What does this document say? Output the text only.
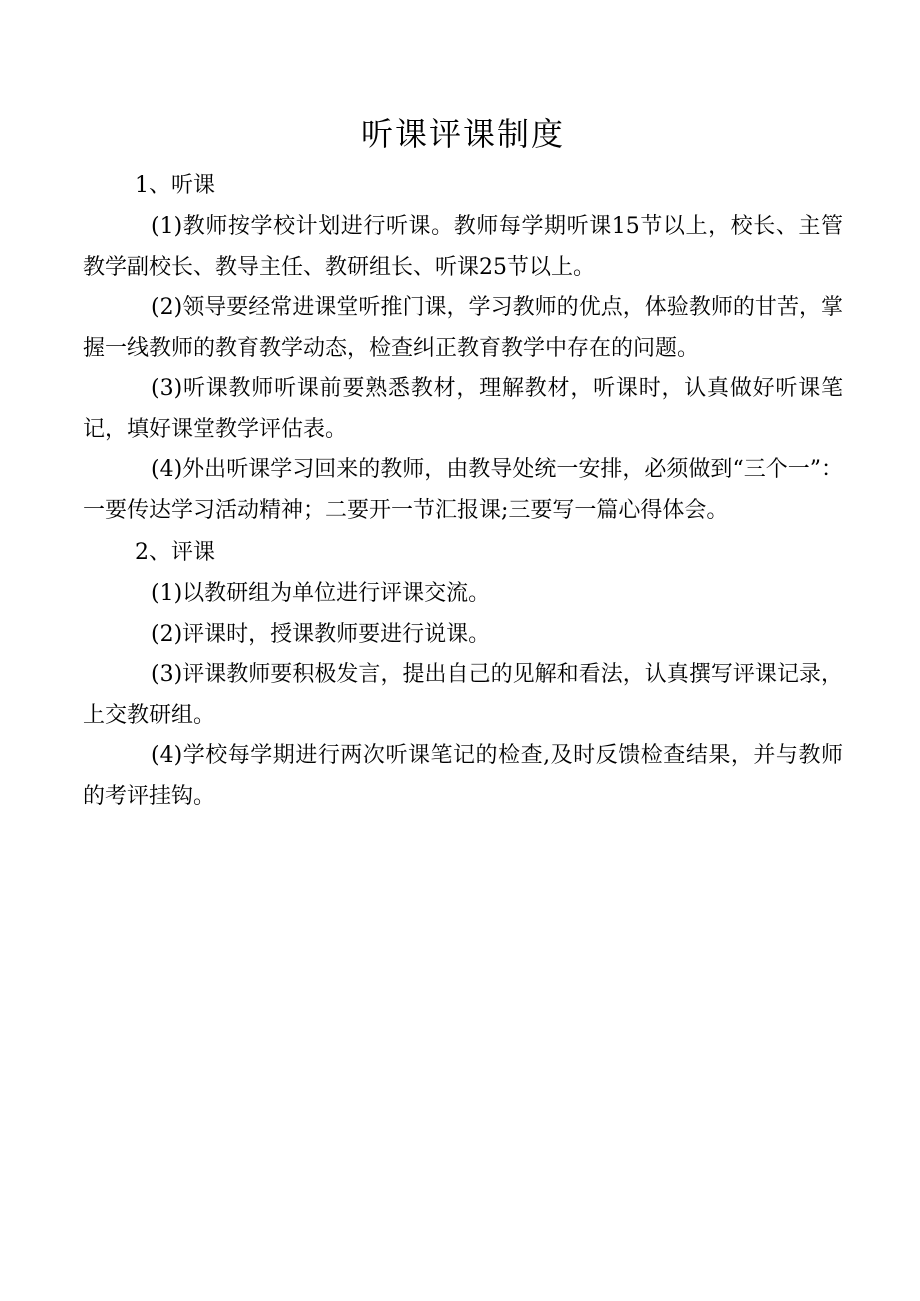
听课评课制度

1、听课

(1)教师按学校计划进行听课。教师每学期听课15节以上，校长、主管教学副校长、教导主任、教研组长、听课25节以上。

(2)领导要经常进课堂听推门课，学习教师的优点，体验教师的甘苦，掌握一线教师的教育教学动态，检查纠正教育教学中存在的问题。

(3)听课教师听课前要熟悉教材，理解教材，听课时，认真做好听课笔记，填好课堂教学评估表。

(4)外出听课学习回来的教师，由教导处统一安排，必须做到“三个一”：一要传达学习活动精神；二要开一节汇报课;三要写一篇心得体会。

2、评课

(1)以教研组为单位进行评课交流。

(2)评课时，授课教师要进行说课。

(3)评课教师要积极发言，提出自己的见解和看法，认真撰写评课记录，上交教研组。

(4)学校每学期进行两次听课笔记的检查,及时反馈检查结果，并与教师的考评挂钩。
